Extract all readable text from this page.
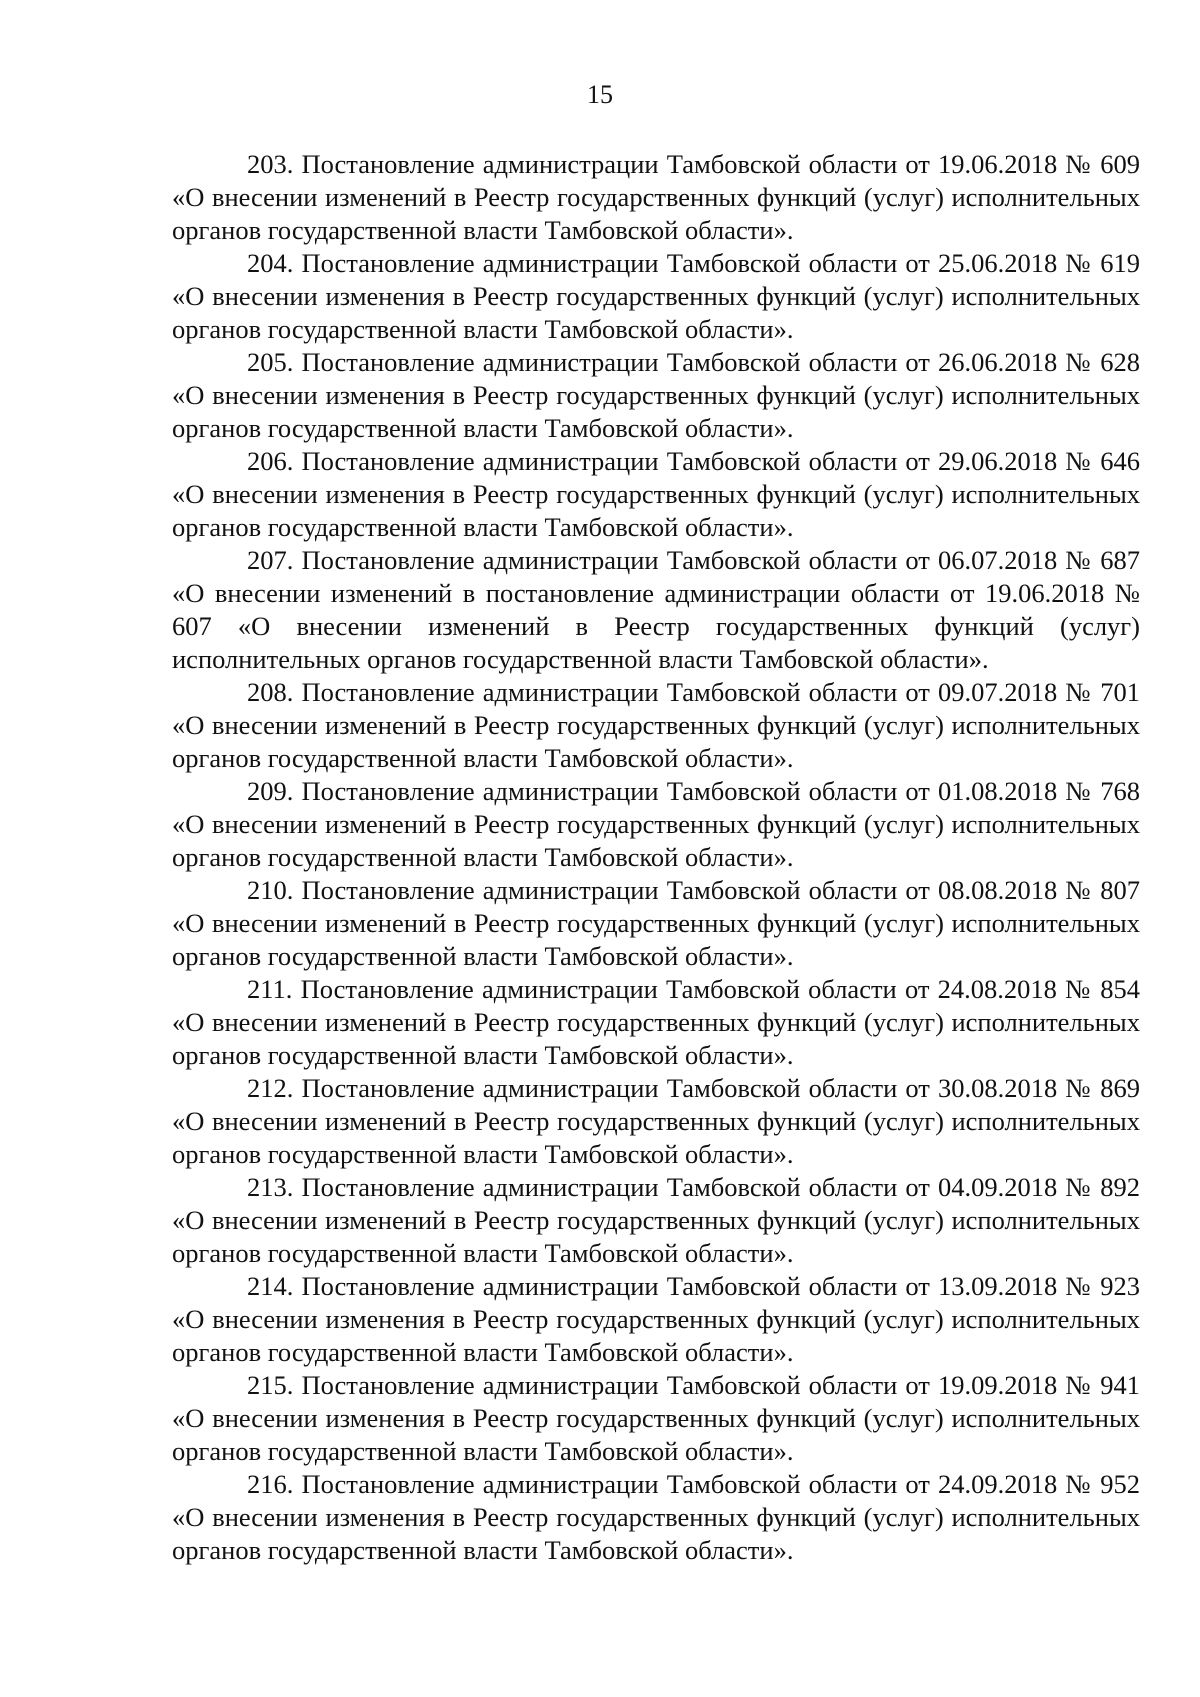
15

203. Постановление администрации Тамбовской области от 19.06.2018 № 609 «О внесении изменений в Реестр государственных функций (услуг) исполнительных органов государственной власти Тамбовской области».

204. Постановление администрации Тамбовской области от 25.06.2018 № 619 «О внесении изменения в Реестр государственных функций (услуг) исполнительных органов государственной власти Тамбовской области».

205. Постановление администрации Тамбовской области от 26.06.2018 № 628 «О внесении изменения в Реестр государственных функций (услуг) исполнительных органов государственной власти Тамбовской области».

206. Постановление администрации Тамбовской области от 29.06.2018 № 646 «О внесении изменения в Реестр государственных функций (услуг) исполнительных органов государственной власти Тамбовской области».

207. Постановление администрации Тамбовской области от 06.07.2018 № 687 «О внесении изменений в постановление администрации области от 19.06.2018 № 607 «О внесении изменений в Реестр государственных функций (услуг) исполнительных органов государственной власти Тамбовской области».

208. Постановление администрации Тамбовской области от 09.07.2018 № 701 «О внесении изменений в Реестр государственных функций (услуг) исполнительных органов государственной власти Тамбовской области».

209. Постановление администрации Тамбовской области от 01.08.2018 № 768 «О внесении изменений в Реестр государственных функций (услуг) исполнительных органов государственной власти Тамбовской области».

210. Постановление администрации Тамбовской области от 08.08.2018 № 807 «О внесении изменений в Реестр государственных функций (услуг) исполнительных органов государственной власти Тамбовской области».

211. Постановление администрации Тамбовской области от 24.08.2018 № 854 «О внесении изменений в Реестр государственных функций (услуг) исполнительных органов государственной власти Тамбовской области».

212. Постановление администрации Тамбовской области от 30.08.2018 № 869 «О внесении изменений в Реестр государственных функций (услуг) исполнительных органов государственной власти Тамбовской области».

213. Постановление администрации Тамбовской области от 04.09.2018 № 892 «О внесении изменений в Реестр государственных функций (услуг) исполнительных органов государственной власти Тамбовской области».

214. Постановление администрации Тамбовской области от 13.09.2018 № 923 «О внесении изменения в Реестр государственных функций (услуг) исполнительных органов государственной власти Тамбовской области».

215. Постановление администрации Тамбовской области от 19.09.2018 № 941 «О внесении изменения в Реестр государственных функций (услуг) исполнительных органов государственной власти Тамбовской области».

216. Постановление администрации Тамбовской области от 24.09.2018 № 952 «О внесении изменения в Реестр государственных функций (услуг) исполнительных органов государственной власти Тамбовской области».
